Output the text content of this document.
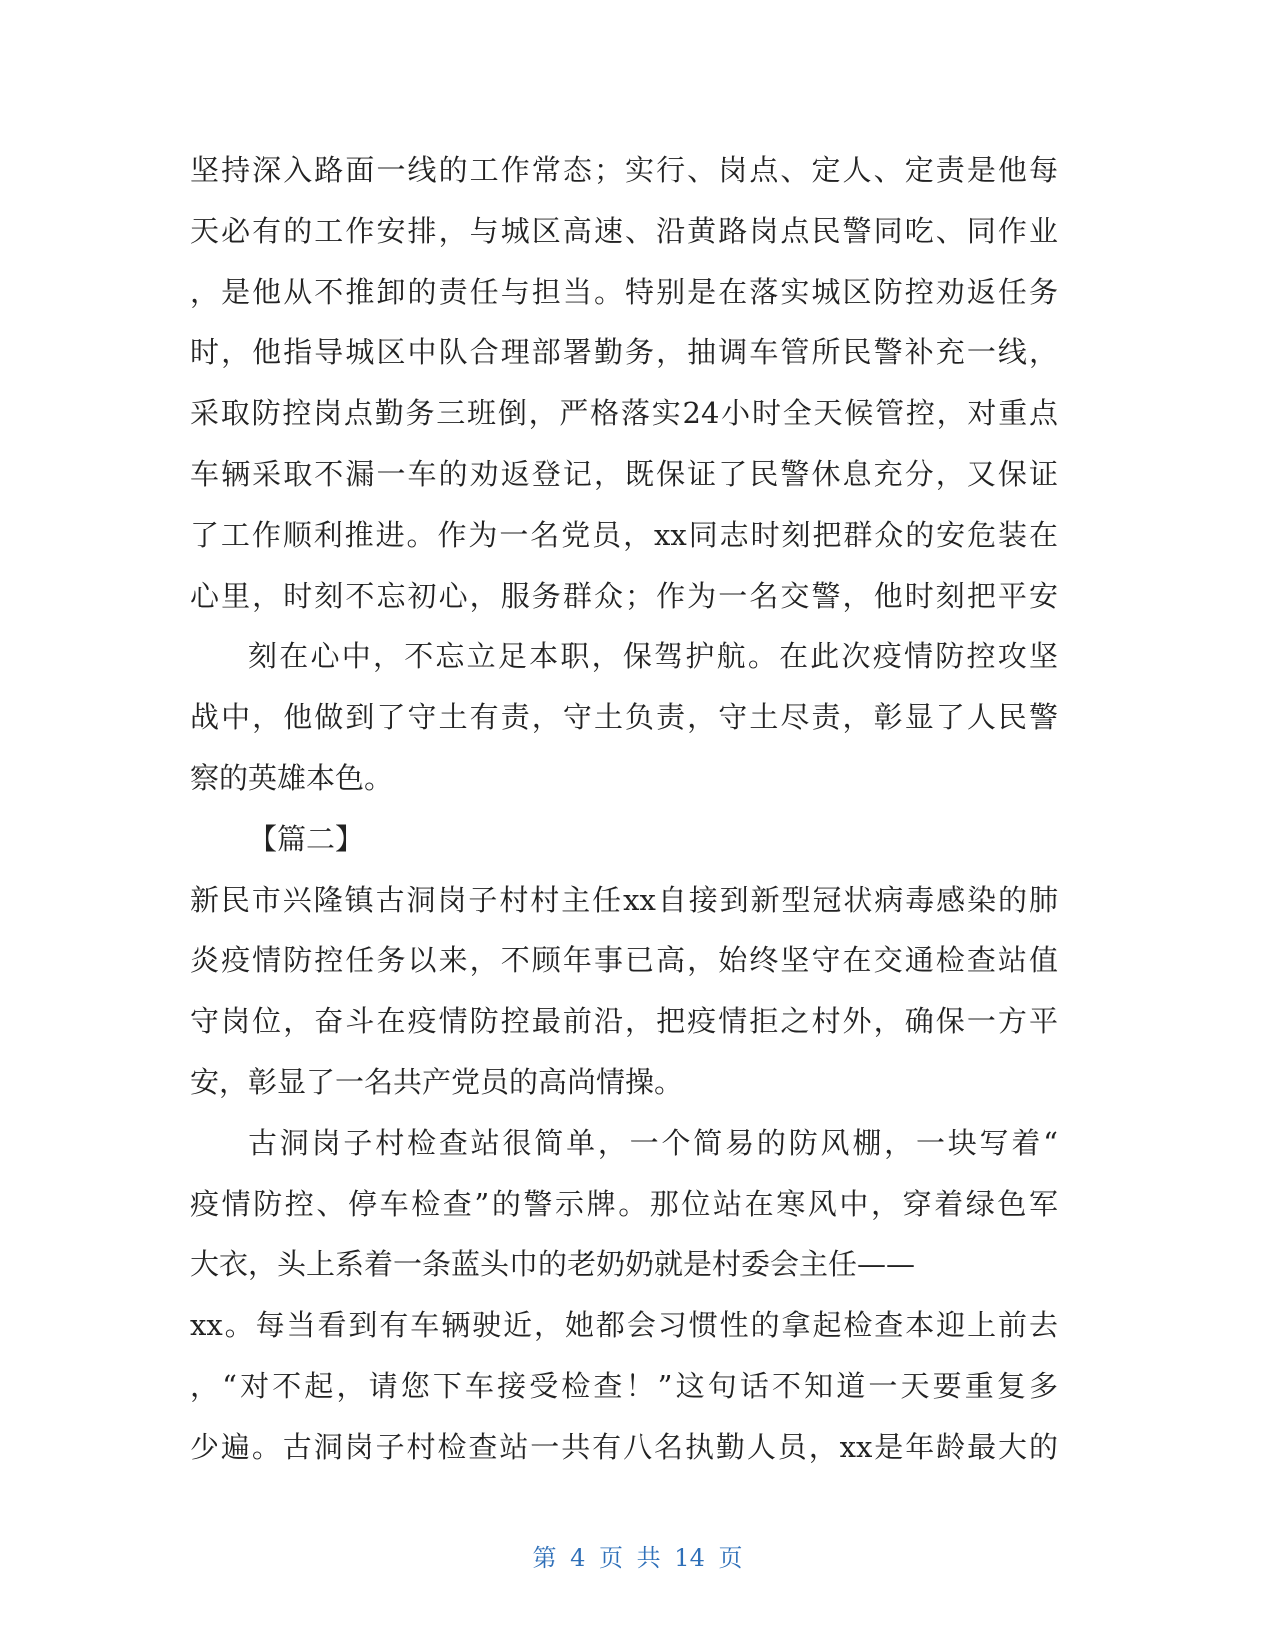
坚持深入路面一线的工作常态；实行、岗点、定人、定责是他每
天必有的工作安排，与城区高速、沿黄路岗点民警同吃、同作业
，是他从不推卸的责任与担当。特别是在落实城区防控劝返任务
时，他指导城区中队合理部署勤务，抽调车管所民警补充一线，
采取防控岗点勤务三班倒，严格落实24小时全天候管控，对重点
车辆采取不漏一车的劝返登记，既保证了民警休息充分，又保证
了工作顺利推进。作为一名党员，xx同志时刻把群众的安危装在
心里，时刻不忘初心，服务群众；作为一名交警，他时刻把平安
刻在心中，不忘立足本职，保驾护航。在此次疫情防控攻坚
战中，他做到了守土有责，守土负责，守土尽责，彰显了人民警
察的英雄本色。
【篇二】
新民市兴隆镇古洞岗子村村主任xx自接到新型冠状病毒感染的肺
炎疫情防控任务以来，不顾年事已高，始终坚守在交通检查站值
守岗位，奋斗在疫情防控最前沿，把疫情拒之村外，确保一方平
安，彰显了一名共产党员的高尚情操。
古洞岗子村检查站很简单，一个简易的防风棚，一块写着“
疫情防控、停车检查”的警示牌。那位站在寒风中，穿着绿色军
大衣，头上系着一条蓝头巾的老奶奶就是村委会主任——
xx。每当看到有车辆驶近，她都会习惯性的拿起检查本迎上前去
，“对不起，请您下车接受检查！”这句话不知道一天要重复多
少遍。古洞岗子村检查站一共有八名执勤人员，xx是年龄最大的
第 4 页 共 14 页
